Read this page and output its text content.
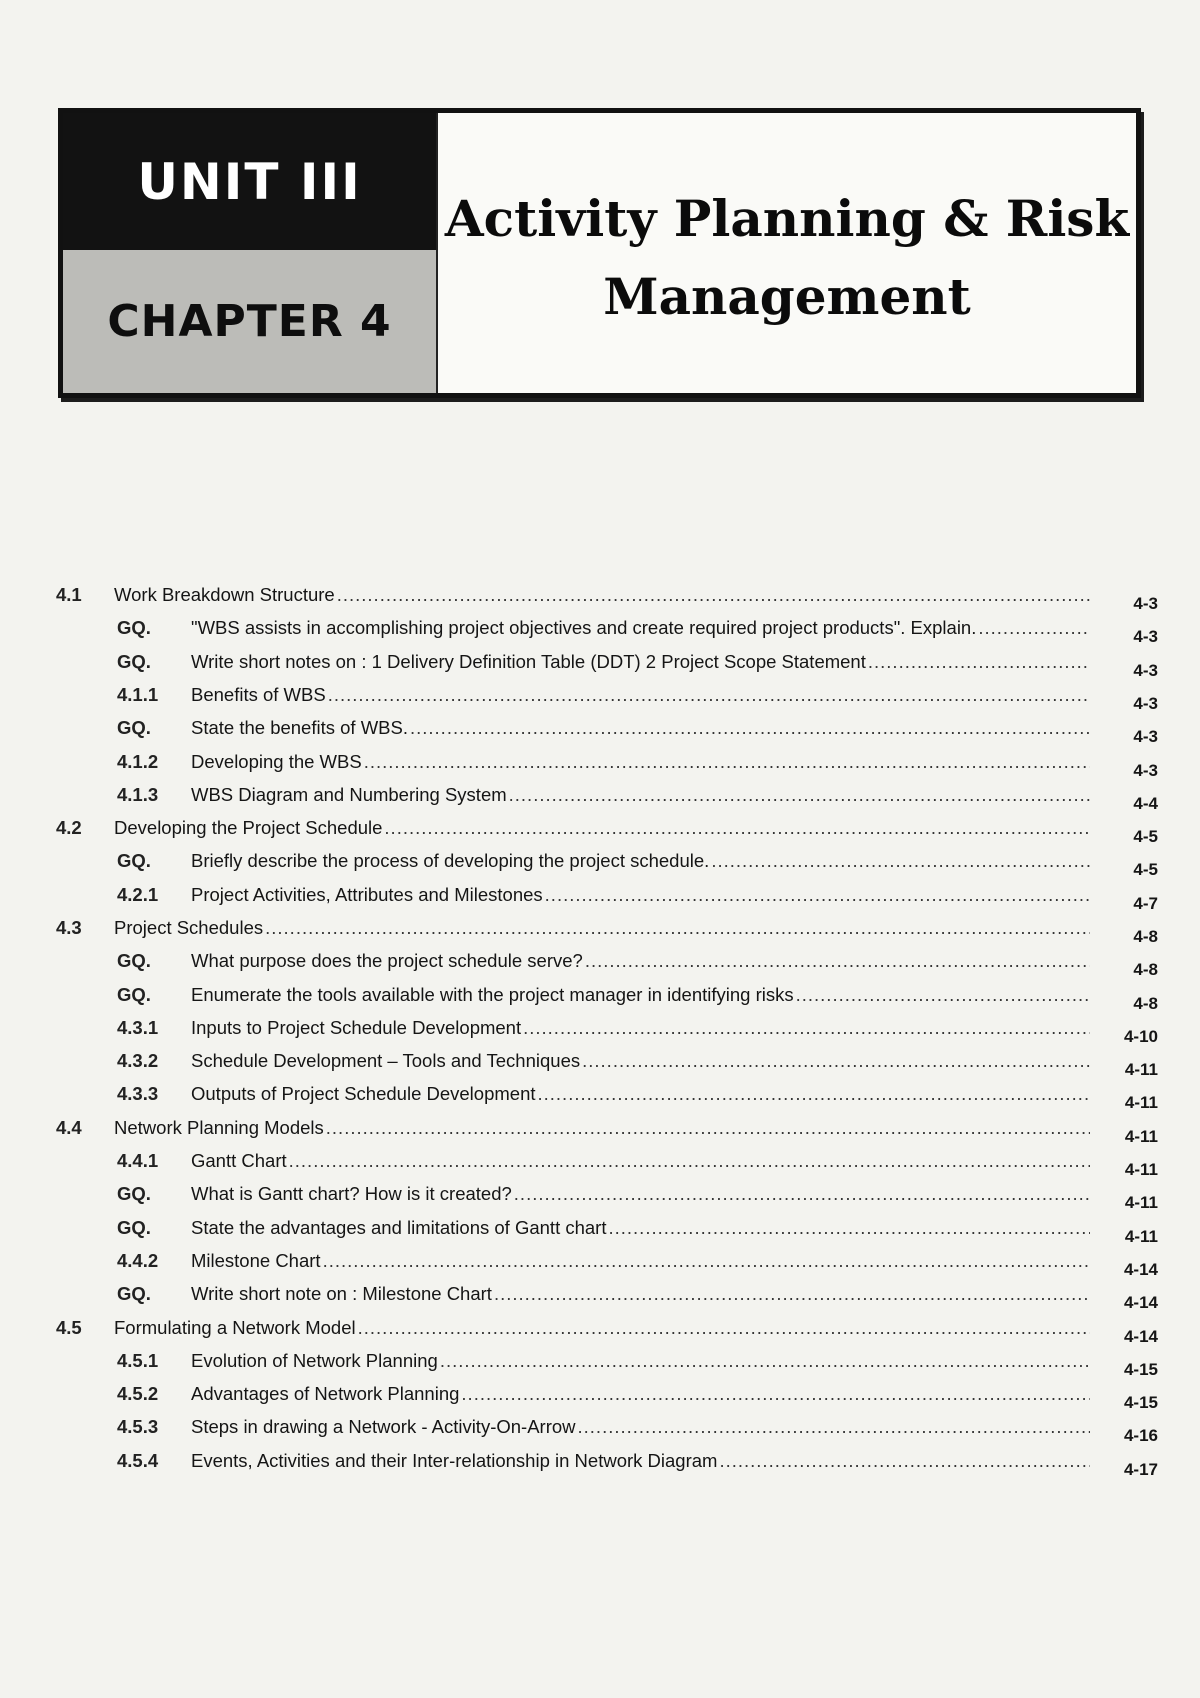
UNIT III
CHAPTER 4
Activity Planning & Risk
Management
4.1 Work Breakdown Structure .....	4-3
GQ. "WBS assists in accomplishing project objectives and create required project products". Explain. .....	4-3
GQ. Write short notes on : 1 Delivery Definition Table (DDT) 2 Project Scope Statement .....	4-3
4.1.1 Benefits of WBS .....	4-3
GQ. State the benefits of WBS. .....	4-3
4.1.2 Developing the WBS .....	4-3
4.1.3 WBS Diagram and Numbering System .....	4-4
4.2 Developing the Project Schedule .....	4-5
GQ. Briefly describe the process of developing the project schedule. .....	4-5
4.2.1 Project Activities, Attributes and Milestones .....	4-7
4.3 Project Schedules .....	4-8
GQ. What purpose does the project schedule serve? .....	4-8
GQ. Enumerate the tools available with the project manager in identifying risks .....	4-8
4.3.1 Inputs to Project Schedule Development .....	4-10
4.3.2 Schedule Development – Tools and Techniques .....	4-11
4.3.3 Outputs of Project Schedule Development .....	4-11
4.4 Network Planning Models .....	4-11
4.4.1 Gantt Chart .....	4-11
GQ. What is Gantt chart? How is it created? .....	4-11
GQ. State the advantages and limitations of Gantt chart .....	4-11
4.4.2 Milestone Chart .....	4-14
GQ. Write short note on : Milestone Chart .....	4-14
4.5 Formulating a Network Model .....	4-14
4.5.1 Evolution of Network Planning .....	4-15
4.5.2 Advantages of Network Planning .....	4-15
4.5.3 Steps in drawing a Network - Activity-On-Arrow .....	4-16
4.5.4 Events, Activities and their Inter-relationship in Network Diagram .....	4-17
